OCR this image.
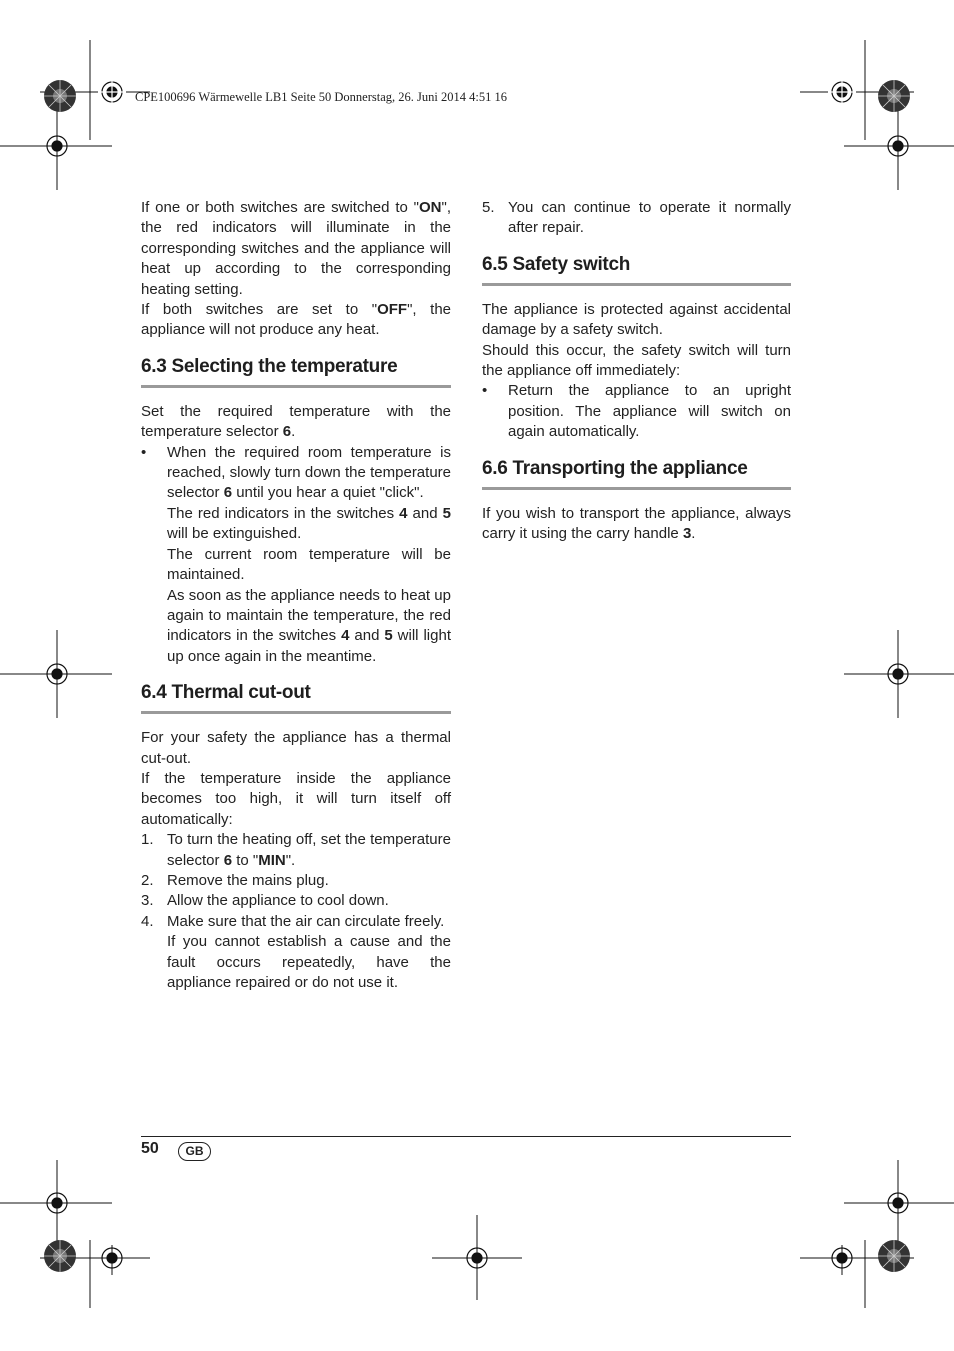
CPE100696 Wärmewelle LB1 Seite 50 Donnerstag, 26. Juni 2014 4:51 16

If one or both switches are switched to "ON", the red indicators will illuminate in the corresponding switches and the appliance will heat up according to the corresponding heating setting.

If both switches are set to "OFF", the appliance will not produce any heat.

6.3 Selecting the temperature

Set the required temperature with the temperature selector 6.

• When the required room temperature is reached, slowly turn down the temperature selector 6 until you hear a quiet "click".

The red indicators in the switches 4 and 5 will be extinguished.

The current room temperature will be maintained.

As soon as the appliance needs to heat up again to maintain the temperature, the red indicators in the switches 4 and 5 will light up once again in the meantime.

6.4 Thermal cut-out

For your safety the appliance has a thermal cut-out.

If the temperature inside the appliance becomes too high, it will turn itself off automatically:

1. To turn the heating off, set the temperature selector 6 to "MIN".

2. Remove the mains plug.

3. Allow the appliance to cool down.

4. Make sure that the air can circulate freely.

If you cannot establish a cause and the fault occurs repeatedly, have the appliance repaired or do not use it.

5. You can continue to operate it normally after repair.

6.5 Safety switch

The appliance is protected against accidental damage by a safety switch.

Should this occur, the safety switch will turn the appliance off immediately:

• Return the appliance to an upright position. The appliance will switch on again automatically.

6.6 Transporting the appliance

If you wish to transport the appliance, always carry it using the carry handle 3.

50	GB
